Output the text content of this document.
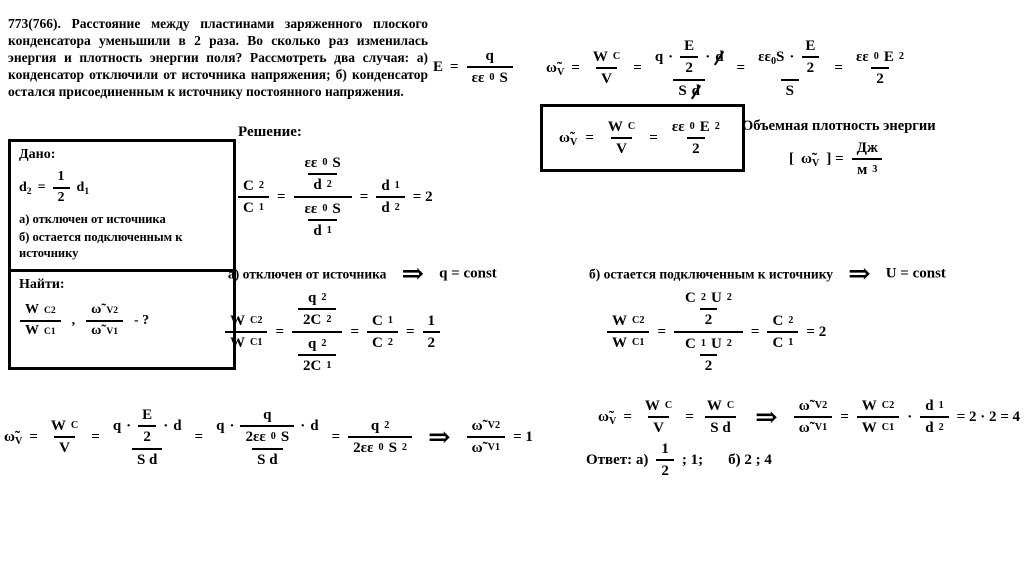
773(766). Расстояние между пластинами заряженного плоского конденсатора уменьшили в 2 раза. Во сколько раз изменилась энергия и плотность энергии поля? Рассмотреть два случая: а) конденсатор отключили от источника напряжения; б) конденсатор остался присоединенным к источнику постоянного напряжения.
$E = \frac{q}{\varepsilon\varepsilon 0 S}$ $\omegã_V = \frac{\text{W C}}{V}$ =
$q \cdot \frac{E}{2} \cdot d$
S d
= $\frac{\varepsilon\varepsilon_0S \cdot \frac{E}{2}}{S} = \frac{\varepsilon\varepsilon 0 E 2}{2}$
$\omegã_V = \frac{\text{W C}}{V} = \frac{\varepsilon\varepsilon 0 E 2}{2}$ Объемная плотность энергии
[ $\omegã_V$ ] = $\frac{Дж}{м 3}$
Дано:
$d_2 = \frac{1}{2} d_1$
а) отключен от источника
б) остается подключенным к источнику
Найти:
$\frac{\text{W C2}}{\text{W C1}}$ , $\frac{\omegã V2}{\omegã V1}$ - ?
Решение:
$\frac{C 2}{C 1} = \frac{\frac{\varepsilon\varepsilon 0 S}{d 2}}{\frac{\varepsilon\varepsilon 0 S}{d 1}} = \frac{d 1}{d 2} = 2$
а) отключен от источника ⇒ q = const
$\frac{\text{W C2}}{\text{W C1}} = \frac{\frac{q 2}{2C 2}}{\frac{q 2}{2C 1}} = \frac{C 1}{C 2} = \frac{1}{2}$
$\omegã_V = \frac{\text{W C}}{V}$ =
$q \cdot \frac{E}{2} \cdot d$
S d
=
$q \cdot \frac{q}{2\varepsilon\varepsilon 0 S} \cdot d$
S d
= $\frac{q 2}{2\varepsilon\varepsilon 0 S 2}$ ⇒ $\frac{\omegã V2}{\omegã V1} = 1$
б) остается подключенным к источнику ⇒ U = const
$\frac{\text{W C2}}{\text{W C1}} = \frac{\frac{C 2 U 2}{2}}{\frac{C 1 U 2}{2}} = \frac{C 2}{C 1} = 2$
$\omegã_V = \frac{\text{W C}}{V} = \frac{\text{W C}}{\text{S d}}$ ⇒ $\frac{\omegã V2}{\omegã V1} = \frac{\text{W C2}}{\text{W C1}} \cdot \frac{d 1}{d 2} = 2 \cdot 2 = 4$
Ответ: $а) \frac{1}{2}$ ; 1; б) 2 ; 4
